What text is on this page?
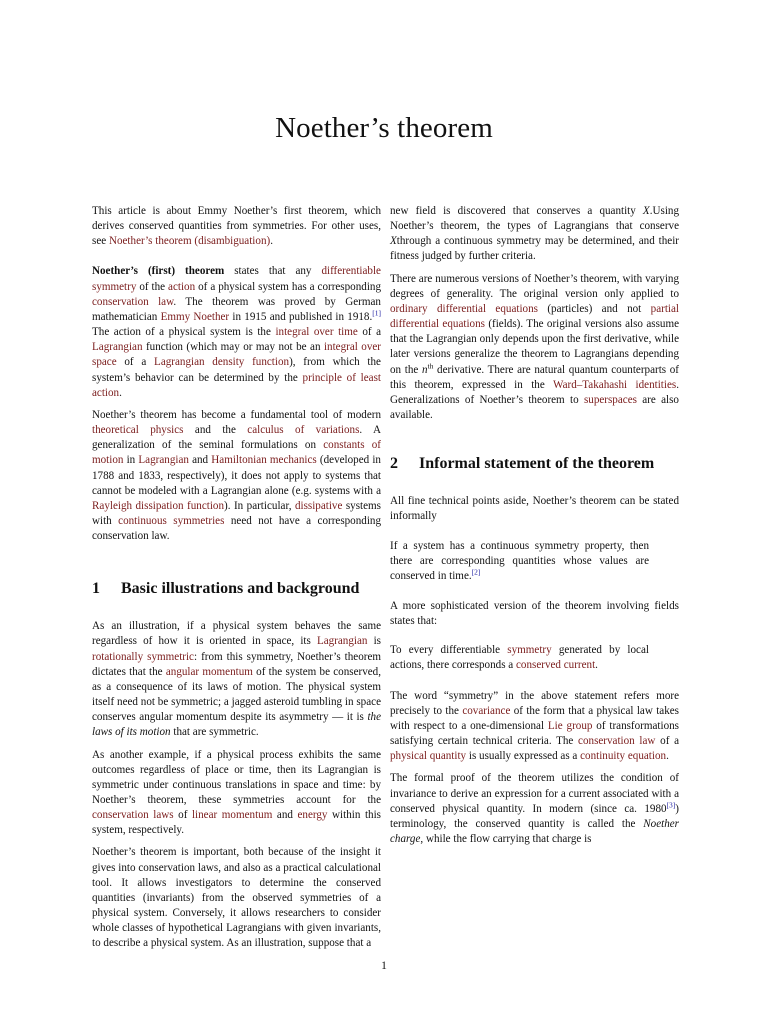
Noether’s theorem

This article is about Emmy Noether’s first theorem, which derives conserved quantities from symmetries. For other uses, see Noether’s theorem (disambiguation).

Noether’s (first) theorem states that any differentiable symmetry of the action of a physical system has a corresponding conservation law. The theorem was proved by German mathematician Emmy Noether in 1915 and published in 1918.[1] The action of a physical system is the integral over time of a Lagrangian function (which may or may not be an integral over space of a Lagrangian density function), from which the system’s behavior can be determined by the principle of least action.

Noether’s theorem has become a fundamental tool of modern theoretical physics and the calculus of variations. A generalization of the seminal formulations on constants of motion in Lagrangian and Hamiltonian mechanics (developed in 1788 and 1833, respectively), it does not apply to systems that cannot be modeled with a Lagrangian alone (e.g. systems with a Rayleigh dissipation function). In particular, dissipative systems with continuous symmetries need not have a corresponding conservation law.

1	Basic illustrations and background

As an illustration, if a physical system behaves the same regardless of how it is oriented in space, its Lagrangian is rotationally symmetric: from this symmetry, Noether’s theorem dictates that the angular momentum of the system be conserved, as a consequence of its laws of motion. The physical system itself need not be symmetric; a jagged asteroid tumbling in space conserves angular momentum despite its asymmetry — it is the laws of its motion that are symmetric.

As another example, if a physical process exhibits the same outcomes regardless of place or time, then its Lagrangian is symmetric under continuous translations in space and time: by Noether’s theorem, these symmetries account for the conservation laws of linear momentum and energy within this system, respectively.

Noether’s theorem is important, both because of the insight it gives into conservation laws, and also as a practical calculational tool. It allows investigators to determine the conserved quantities (invariants) from the observed symmetries of a physical system. Conversely, it allows researchers to consider whole classes of hypothetical Lagrangians with given invariants, to describe a physical system. As an illustration, suppose that a

new field is discovered that conserves a quantity X.Using Noether’s theorem, the types of Lagrangians that conserve Xthrough a continuous symmetry may be determined, and their fitness judged by further criteria.

There are numerous versions of Noether’s theorem, with varying degrees of generality. The original version only applied to ordinary differential equations (particles) and not partial differential equations (fields). The original versions also assume that the Lagrangian only depends upon the first derivative, while later versions generalize the theorem to Lagrangians depending on the $n^{th}$ derivative. There are natural quantum counterparts of this theorem, expressed in the Ward–Takahashi identities. Generalizations of Noether’s theorem to superspaces are also available.

2	Informal statement of the theorem

All fine technical points aside, Noether’s theorem can be stated informally

If a system has a continuous symmetry property, then there are corresponding quantities whose values are conserved in time.[2]

A more sophisticated version of the theorem involving fields states that:

To every differentiable symmetry generated by local actions, there corresponds a conserved current.

The word “symmetry” in the above statement refers more precisely to the covariance of the form that a physical law takes with respect to a one-dimensional Lie group of transformations satisfying certain technical criteria. The conservation law of a physical quantity is usually expressed as a continuity equation.

The formal proof of the theorem utilizes the condition of invariance to derive an expression for a current associated with a conserved physical quantity. In modern (since ca. 1980[3]) terminology, the conserved quantity is called the Noether charge, while the flow carrying that charge is

1
